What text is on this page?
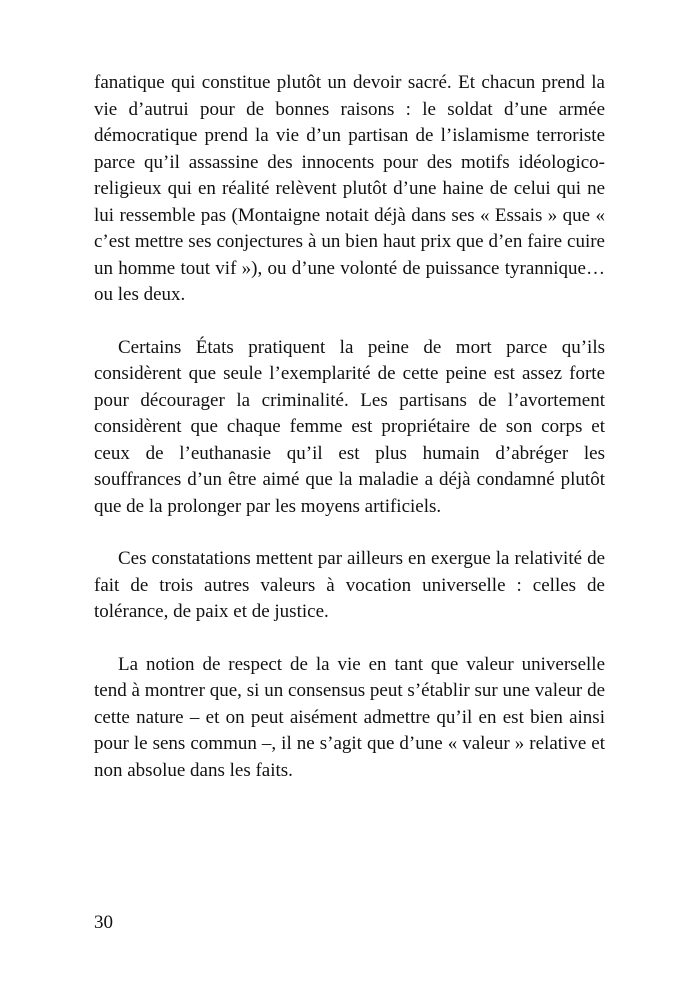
fanatique qui constitue plutôt un devoir sacré. Et chacun prend la vie d’autrui pour de bonnes raisons : le soldat d’une armée démocratique prend la vie d’un partisan de l’islamisme terroriste parce qu’il assassine des innocents pour des motifs idéologico-religieux qui en réalité relèvent plutôt d’une haine de celui qui ne lui ressemble pas (Montaigne notait déjà dans ses « Essais » que « c’est mettre ses conjectures à un bien haut prix que d’en faire cuire un homme tout vif »), ou d’une volonté de puissance tyrannique… ou les deux.

Certains États pratiquent la peine de mort parce qu’ils considèrent que seule l’exemplarité de cette peine est assez forte pour décourager la criminalité. Les partisans de l’avortement considèrent que chaque femme est propriétaire de son corps et ceux de l’euthanasie qu’il est plus humain d’abréger les souffrances d’un être aimé que la maladie a déjà condamné plutôt que de la prolonger par les moyens artificiels.

Ces constatations mettent par ailleurs en exergue la relativité de fait de trois autres valeurs à vocation universelle : celles de tolérance, de paix et de justice.

La notion de respect de la vie en tant que valeur universelle tend à montrer que, si un consensus peut s’établir sur une valeur de cette nature – et on peut aisément admettre qu’il en est bien ainsi pour le sens commun –, il ne s’agit que d’une « valeur » relative et non absolue dans les faits.

30
